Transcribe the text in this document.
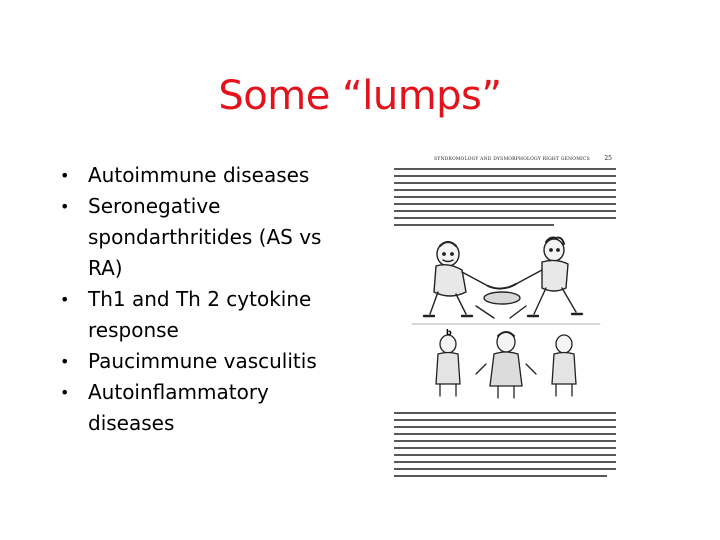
Some “lumps”
• Autoimmune diseases
• Seronegative spondarthritides (AS vs RA)
• Th1 and Th 2 cytokine response
• Paucimmune vasculitis
• Autoinflammatory diseases
SYNDROMOLOGY AND DYSMORPHOLOGY RIGHT GENOMICS 25
b
